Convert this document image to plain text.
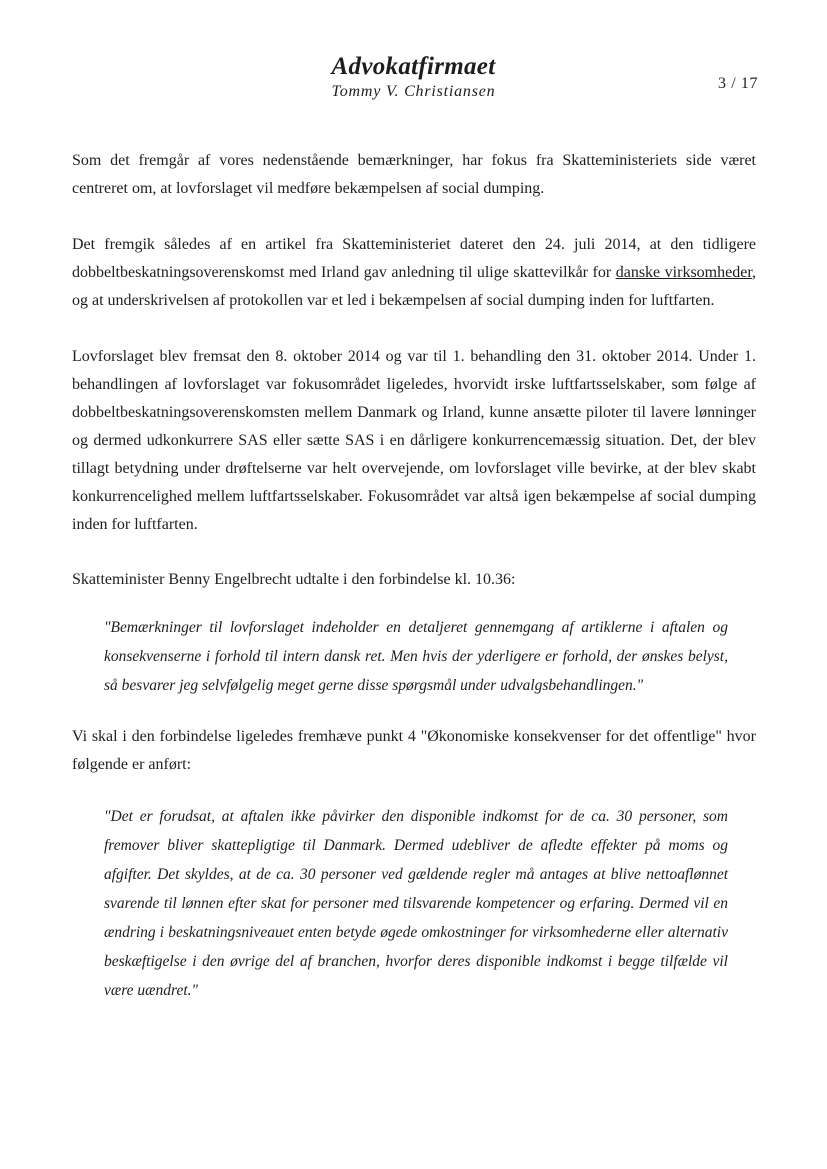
Advokatfirmaet
Tommy V. Christiansen	3 / 17

Som det fremgår af vores nedenstående bemærkninger, har fokus fra Skatteministeriets side været centreret om, at lovforslaget vil medføre bekæmpelsen af social dumping.

Det fremgik således af en artikel fra Skatteministeriet dateret den 24. juli 2014, at den tidligere dobbeltbeskatningsoverenskomst med Irland gav anledning til ulige skattevilkår for danske virksomheder, og at underskrivelsen af protokollen var et led i bekæmpelsen af social dumping inden for luftfarten.

Lovforslaget blev fremsat den 8. oktober 2014 og var til 1. behandling den 31. oktober 2014. Under 1. behandlingen af lovforslaget var fokusområdet ligeledes, hvorvidt irske luftfartsselskaber, som følge af dobbeltbeskatningsoverenskomsten mellem Danmark og Irland, kunne ansætte piloter til lavere lønninger og dermed udkonkurrere SAS eller sætte SAS i en dårligere konkurrencemæssig situation. Det, der blev tillagt betydning under drøftelserne var helt overvejende, om lovforslaget ville bevirke, at der blev skabt konkurrencelighed mellem luftfartsselskaber. Fokusområdet var altså igen bekæmpelse af social dumping inden for luftfarten.

Skatteminister Benny Engelbrecht udtalte i den forbindelse kl. 10.36:

"Bemærkninger til lovforslaget indeholder en detaljeret gennemgang af artiklerne i aftalen og konsekvenserne i forhold til intern dansk ret. Men hvis der yderligere er forhold, der ønskes belyst, så besvarer jeg selvfølgelig meget gerne disse spørgsmål under udvalgsbehandlingen."

Vi skal i den forbindelse ligeledes fremhæve punkt 4 "Økonomiske konsekvenser for det offentlige" hvor følgende er anført:

"Det er forudsat, at aftalen ikke påvirker den disponible indkomst for de ca. 30 personer, som fremover bliver skattepligtige til Danmark. Dermed udebliver de afledte effekter på moms og afgifter. Det skyldes, at de ca. 30 personer ved gældende regler må antages at blive nettoaflønnet svarende til lønnen efter skat for personer med tilsvarende kompetencer og erfaring. Dermed vil en ændring i beskatningsniveauet enten betyde øgede omkostninger for virksomhederne eller alternativ beskæftigelse i den øvrige del af branchen, hvorfor deres disponible indkomst i begge tilfælde vil være uændret."
